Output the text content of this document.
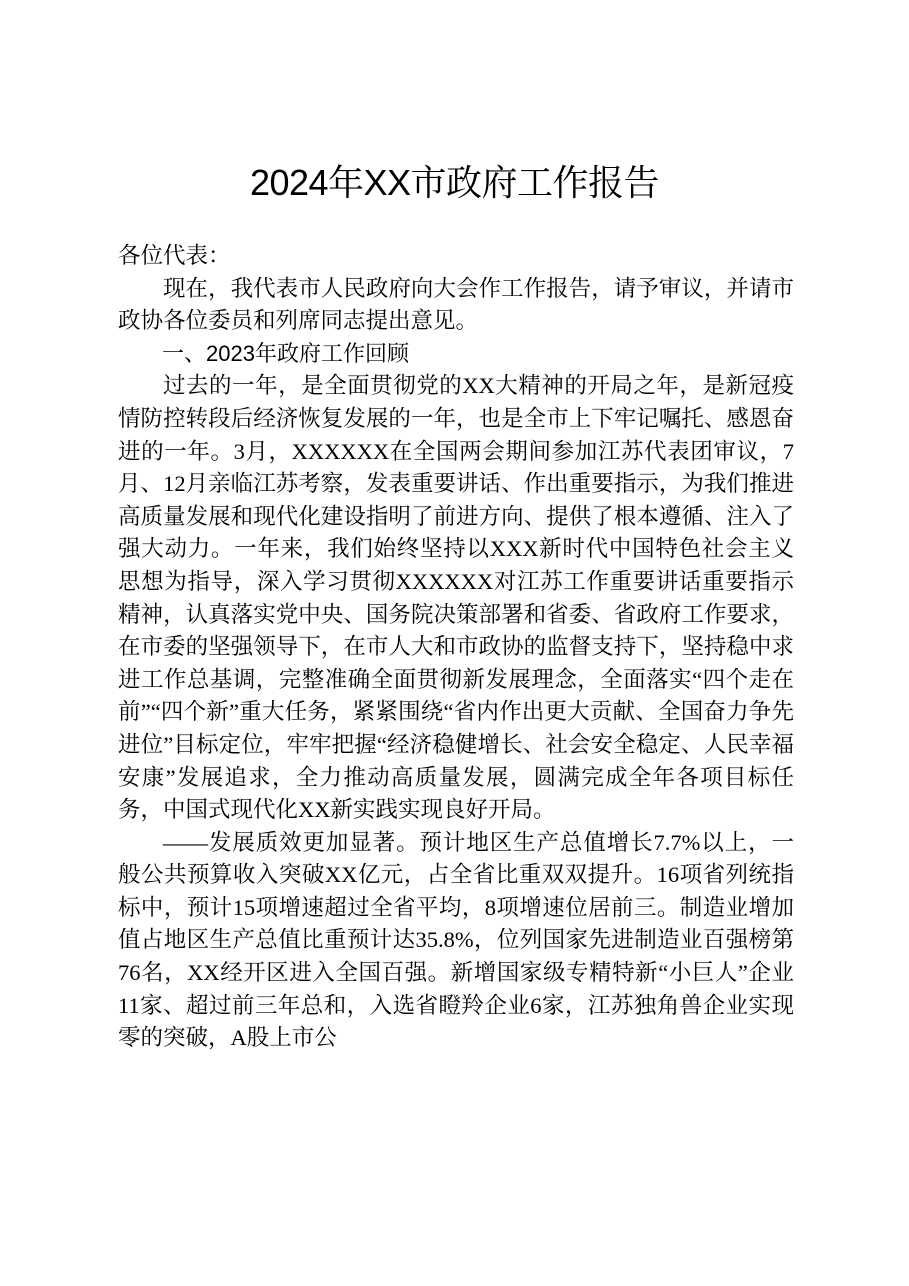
2024年XX市政府工作报告

各位代表：

现在，我代表市人民政府向大会作工作报告，请予审议，并请市政协各位委员和列席同志提出意见。

一、2023年政府工作回顾

过去的一年，是全面贯彻党的XX大精神的开局之年，是新冠疫情防控转段后经济恢复发展的一年，也是全市上下牢记嘱托、感恩奋进的一年。3月，XXXXXX在全国两会期间参加江苏代表团审议，7月、12月亲临江苏考察，发表重要讲话、作出重要指示，为我们推进高质量发展和现代化建设指明了前进方向、提供了根本遵循、注入了强大动力。一年来，我们始终坚持以XXX新时代中国特色社会主义思想为指导，深入学习贯彻XXXXXX对江苏工作重要讲话重要指示精神，认真落实党中央、国务院决策部署和省委、省政府工作要求，在市委的坚强领导下，在市人大和市政协的监督支持下，坚持稳中求进工作总基调，完整准确全面贯彻新发展理念，全面落实“四个走在前”“四个新”重大任务，紧紧围绕“省内作出更大贡献、全国奋力争先进位”目标定位，牢牢把握“经济稳健增长、社会安全稳定、人民幸福安康”发展追求，全力推动高质量发展，圆满完成全年各项目标任务，中国式现代化XX新实践实现良好开局。

——发展质效更加显著。预计地区生产总值增长7.7%以上，一般公共预算收入突破XX亿元，占全省比重双双提升。16项省列统指标中，预计15项增速超过全省平均，8项增速位居前三。制造业增加值占地区生产总值比重预计达35.8%，位列国家先进制造业百强榜第76名，XX经开区进入全国百强。新增国家级专精特新“小巨人”企业11家、超过前三年总和，入选省瞪羚企业6家，江苏独角兽企业实现零的突破，A股上市公
